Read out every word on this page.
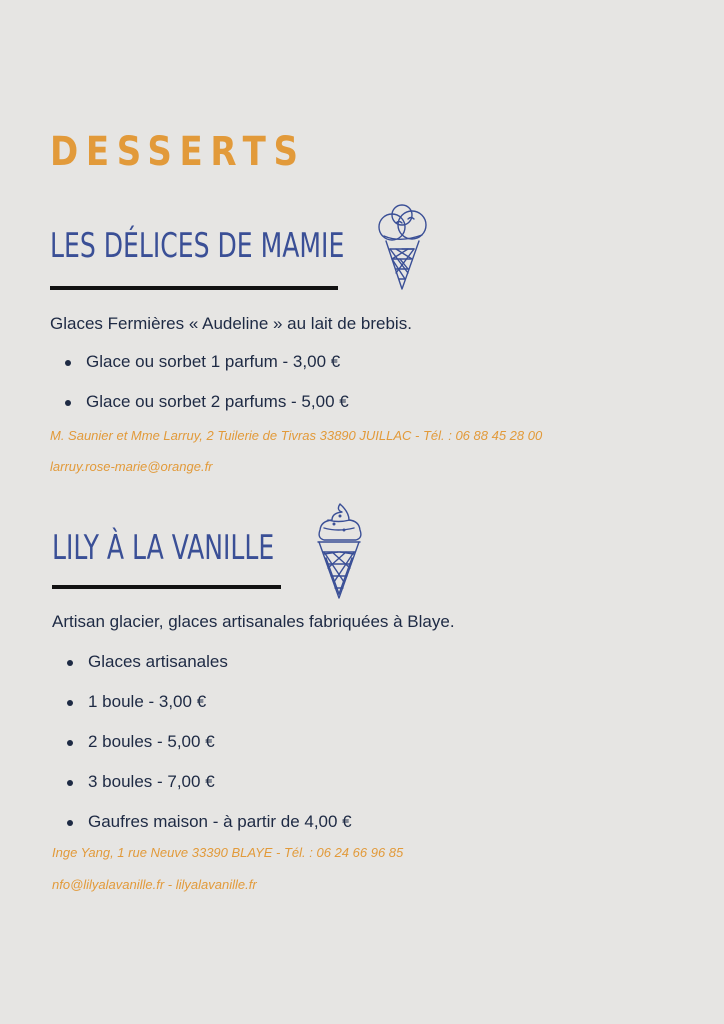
DESSERTS
LES DÉLICES DE MAMIE
Glaces Fermières « Audeline » au lait de brebis.
Glace ou sorbet 1 parfum - 3,00 €
Glace ou sorbet 2 parfums - 5,00 €
M. Saunier et Mme Larruy, 2 Tuilerie de Tivras 33890 JUILLAC - Tél. : 06 88 45 28 00
larruy.rose-marie@orange.fr
LILY À LA VANILLE
Artisan glacier, glaces artisanales fabriquées à Blaye.
Glaces artisanales
1 boule - 3,00 €
2 boules - 5,00 €
3 boules - 7,00 €
Gaufres maison - à partir de 4,00 €
Inge Yang, 1 rue Neuve 33390 BLAYE - Tél. : 06 24 66 96 85
nfo@lilyalavanille.fr - lilyalavanille.fr
